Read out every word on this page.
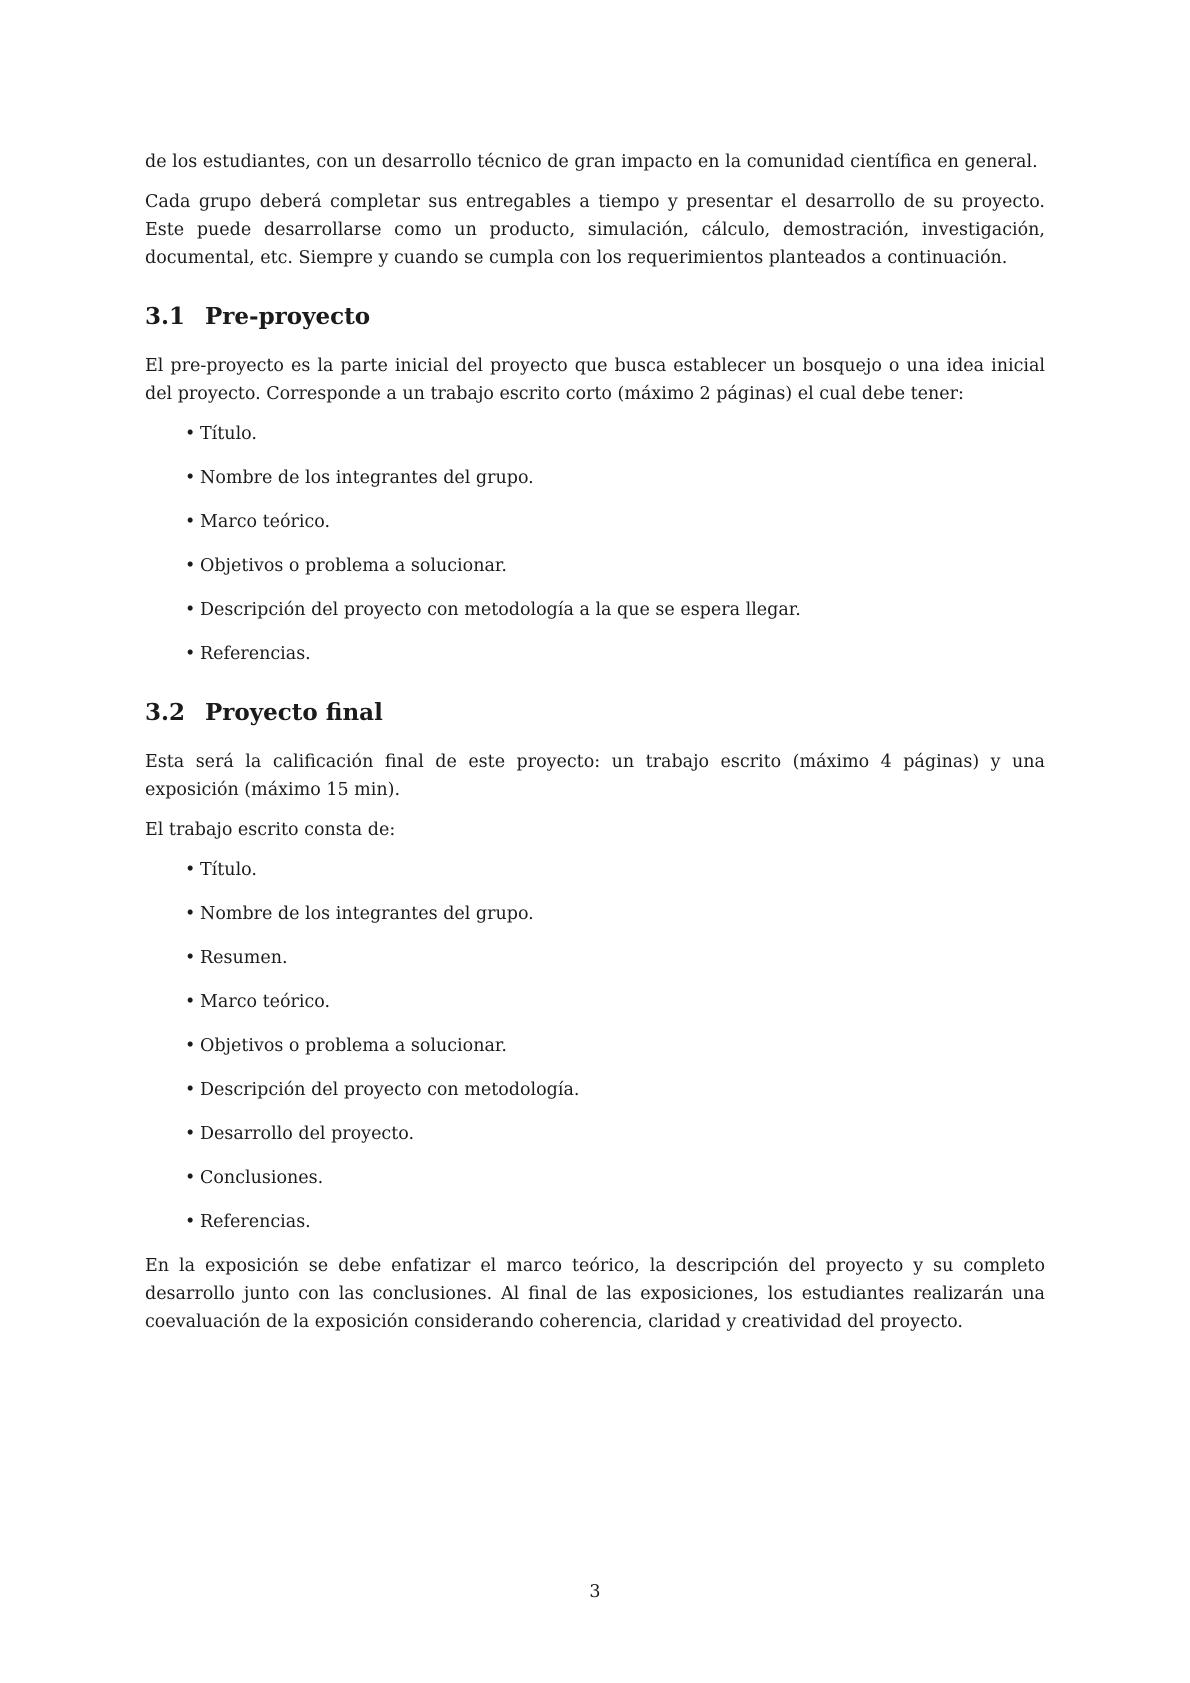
de los estudiantes, con un desarrollo técnico de gran impacto en la comunidad científica en general.

Cada grupo deberá completar sus entregables a tiempo y presentar el desarrollo de su proyecto. Este puede desarrollarse como un producto, simulación, cálculo, demostración, investigación, documental, etc. Siempre y cuando se cumpla con los requerimientos planteados a continuación.

3.1 Pre-proyecto

El pre-proyecto es la parte inicial del proyecto que busca establecer un bosquejo o una idea inicial del proyecto. Corresponde a un trabajo escrito corto (máximo 2 páginas) el cual debe tener:

• Título.
• Nombre de los integrantes del grupo.
• Marco teórico.
• Objetivos o problema a solucionar.
• Descripción del proyecto con metodología a la que se espera llegar.
• Referencias.
3.2 Proyecto final

Esta será la calificación final de este proyecto: un trabajo escrito (máximo 4 páginas) y una exposición (máximo 15 min).

El trabajo escrito consta de:

• Título.
• Nombre de los integrantes del grupo.
• Resumen.
• Marco teórico.
• Objetivos o problema a solucionar.
• Descripción del proyecto con metodología.
• Desarrollo del proyecto.
• Conclusiones.
• Referencias.

En la exposición se debe enfatizar el marco teórico, la descripción del proyecto y su completo desarrollo junto con las conclusiones. Al final de las exposiciones, los estudiantes realizarán una coevaluación de la exposición considerando coherencia, claridad y creatividad del proyecto.

3
